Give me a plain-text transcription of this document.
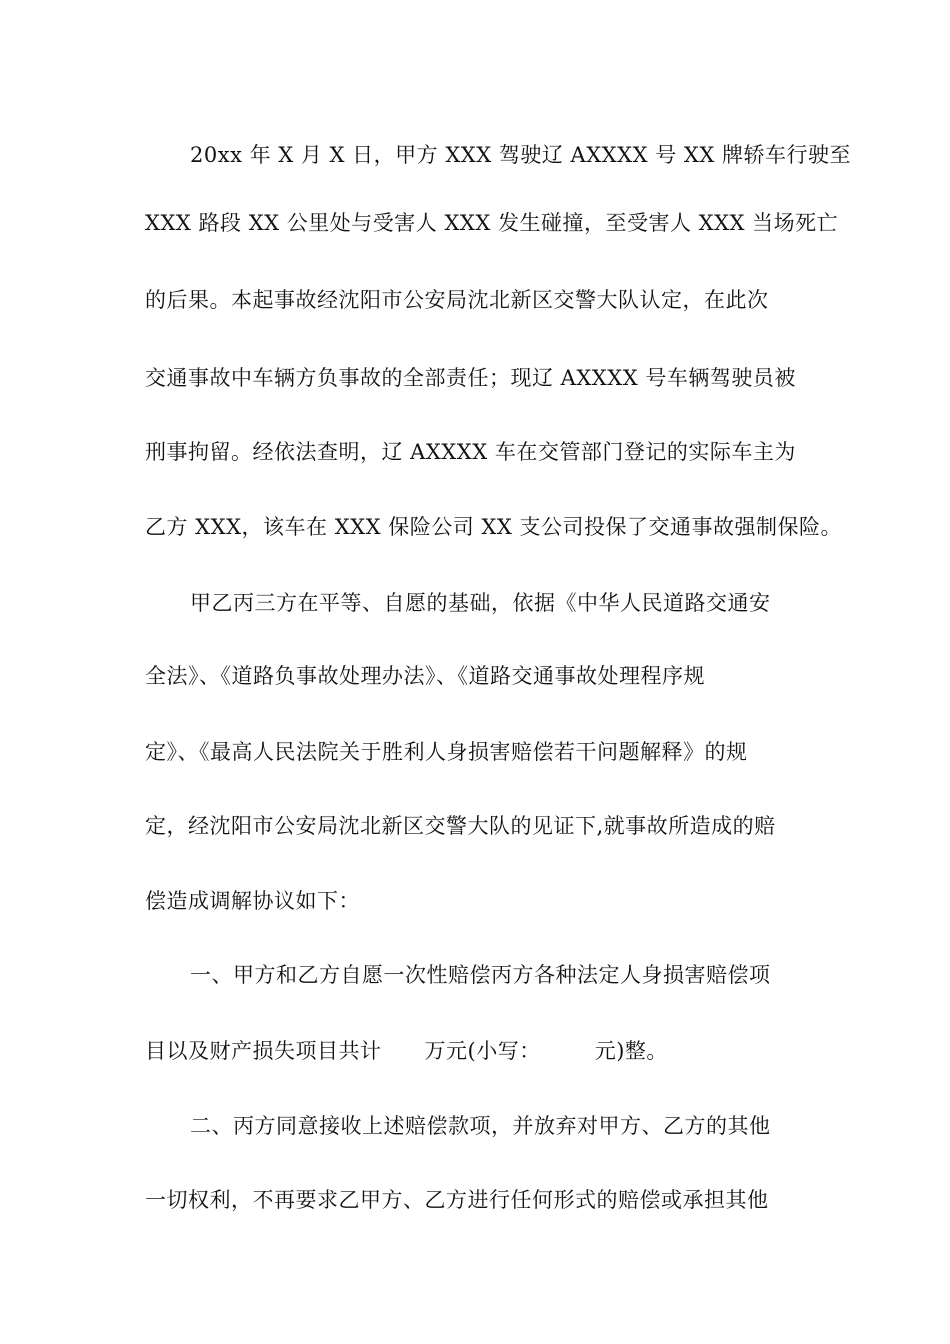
20xx 年 X 月 X 日，甲方 XXX 驾驶辽 AXXXX 号 XX 牌轿车行驶至
XXX 路段 XX 公里处与受害人 XXX 发生碰撞，至受害人 XXX 当场死亡
的后果。本起事故经沈阳市公安局沈北新区交警大队认定，在此次
交通事故中车辆方负事故的全部责任；现辽 AXXXX 号车辆驾驶员被
刑事拘留。经依法查明，辽 AXXXX 车在交管部门登记的实际车主为
乙方 XXX，该车在 XXX 保险公司 XX 支公司投保了交通事故强制保险。
甲乙丙三方在平等、自愿的基础，依据《中华人民道路交通安
全法》、《道路负事故处理办法》、《道路交通事故处理程序规
定》、《最高人民法院关于胜利人身损害赔偿若干问题解释》的规
定，经沈阳市公安局沈北新区交警大队的见证下,就事故所造成的赔
偿造成调解协议如下：
一、甲方和乙方自愿一次性赔偿丙方各种法定人身损害赔偿项
目以及财产损失项目共计　　万元(小写：　　　元)整。
二、丙方同意接收上述赔偿款项，并放弃对甲方、乙方的其他
一切权利，不再要求乙甲方、乙方进行任何形式的赔偿或承担其他
